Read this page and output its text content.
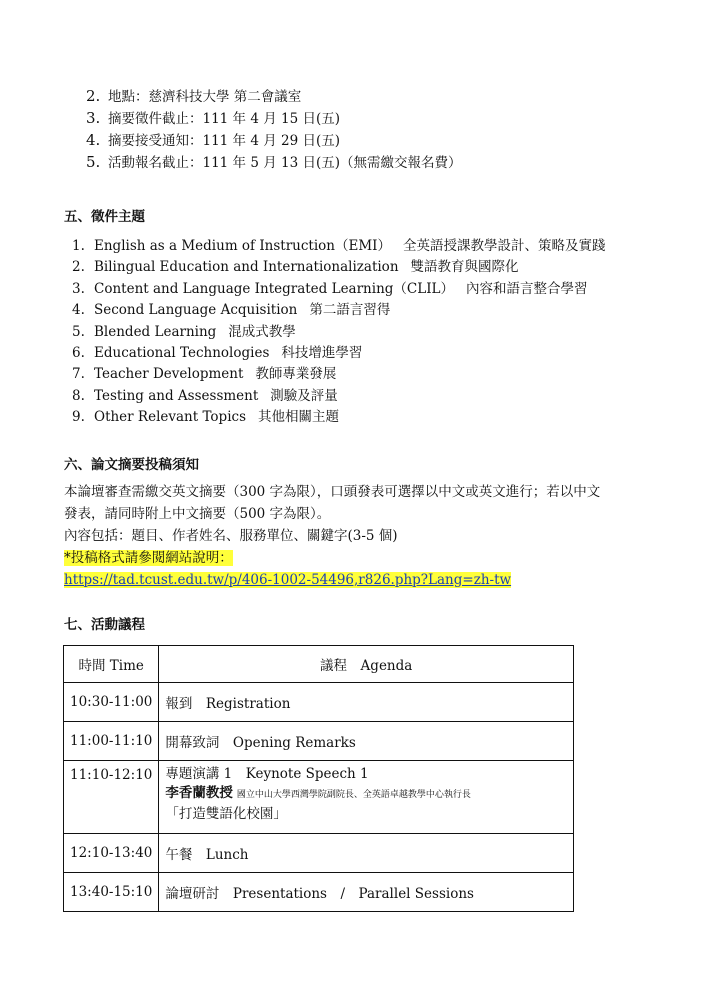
2. 地點：慈濟科技大學 第二會議室
3. 摘要徵件截止：111 年 4 月 15 日(五)
4. 摘要接受通知：111 年 4 月 29 日(五)
5. 活動報名截止：111 年 5 月 13 日(五)（無需繳交報名費）
五、徵件主題
1. English as a Medium of Instruction（EMI） 全英語授課教學設計、策略及實踐
2. Bilingual Education and Internationalization 雙語教育與國際化
3. Content and Language Integrated Learning（CLIL） 內容和語言整合學習
4. Second Language Acquisition 第二語言習得
5. Blended Learning 混成式教學
6. Educational Technologies 科技增進學習
7. Teacher Development 教師專業發展
8. Testing and Assessment 測驗及評量
9. Other Relevant Topics 其他相關主題
六、論文摘要投稿須知
本論壇審查需繳交英文摘要（300 字為限），口頭發表可選擇以中文或英文進行；若以中文
發表，請同時附上中文摘要（500 字為限）。
內容包括：題目、作者姓名、服務單位、關鍵字(3-5 個)
*投稿格式請參閱網站說明：
https://tad.tcust.edu.tw/p/406-1002-54496,r826.php?Lang=zh-tw
七、活動議程
時間 Time	議程　Agenda
10:30-11:00	報到　Registration
11:00-11:10	開幕致詞　Opening Remarks
11:10-12:10	專題演講 1　Keynote Speech 1
李香蘭教授 國立中山大學西灣學院副院長、全英語卓越教學中心執行長
「打造雙語化校園」

12:10-13:40	午餐　Lunch
13:40-15:10	論壇研討　Presentations　/　Parallel Sessions
